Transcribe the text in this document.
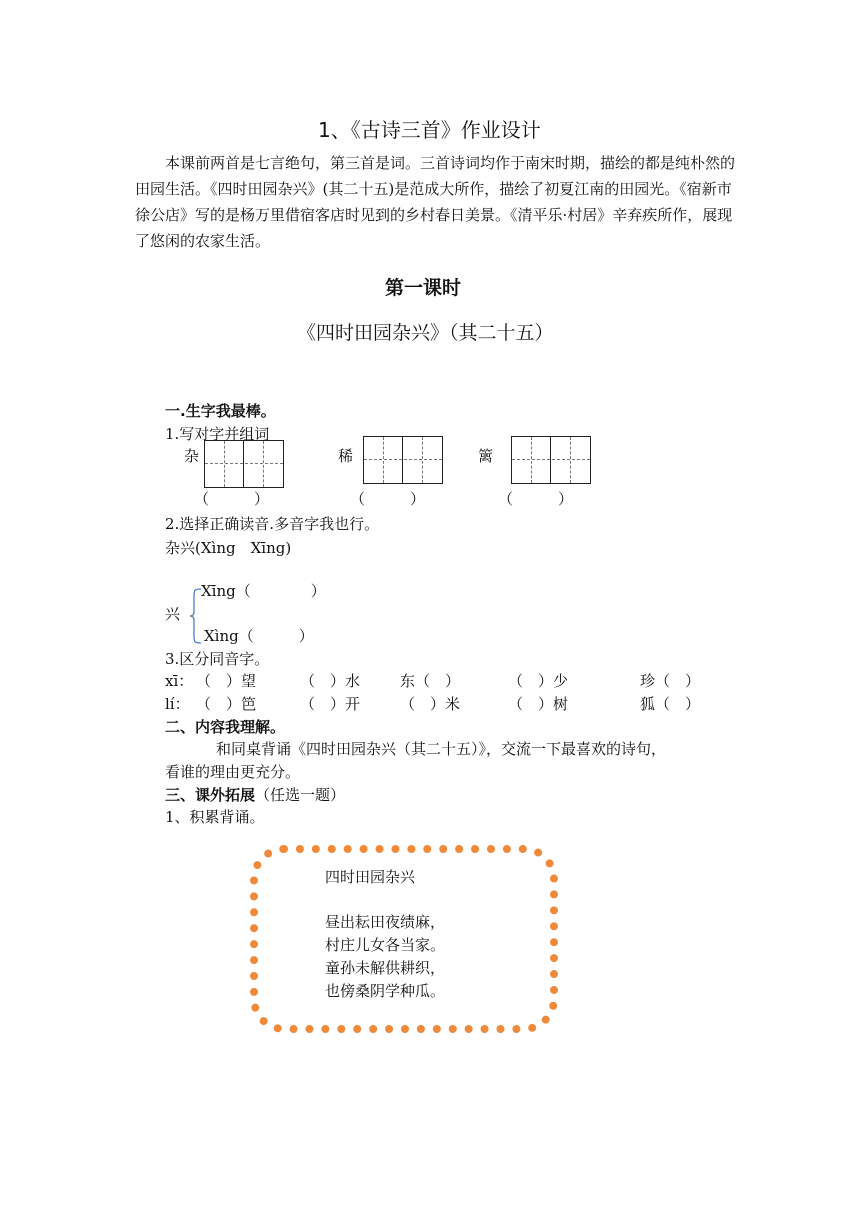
1、《古诗三首》作业设计
本课前两首是七言绝句，第三首是词。三首诗词均作于南宋时期，描绘的都是纯朴然的田园生活。《四时田园杂兴》(其二十五)是范成大所作，描绘了初夏江南的田园光。《宿新市徐公店》写的是杨万里借宿客店时见到的乡村春日美景。《清平乐·村居》辛弃疾所作，展现了悠闲的农家生活。
第一课时
《四时田园杂兴》（其二十五）
一.生字我最棒。
1.写对字并组词
杂	稀	篱
（　　　）	（　　　）	（　　　）
2.选择正确读音.多音字我也行。
杂兴(Xìng　Xīng)
兴
Xīng（　　　　）
Xìng（　　　）
3.区分同音字。
xī： （　）望	（　）水	东（　）	（　）少	珍（　）
lí： （　）笆	（　）开	（　）米	（　）树	狐（　）
二、内容我理解。
和同桌背诵《四时田园杂兴（其二十五）》，交流一下最喜欢的诗句，
看谁的理由更充分。
三、课外拓展（任选一题）
1、积累背诵。
四时田园杂兴
昼出耘田夜绩麻，
村庄儿女各当家。
童孙未解供耕织，
也傍桑阴学种瓜。
